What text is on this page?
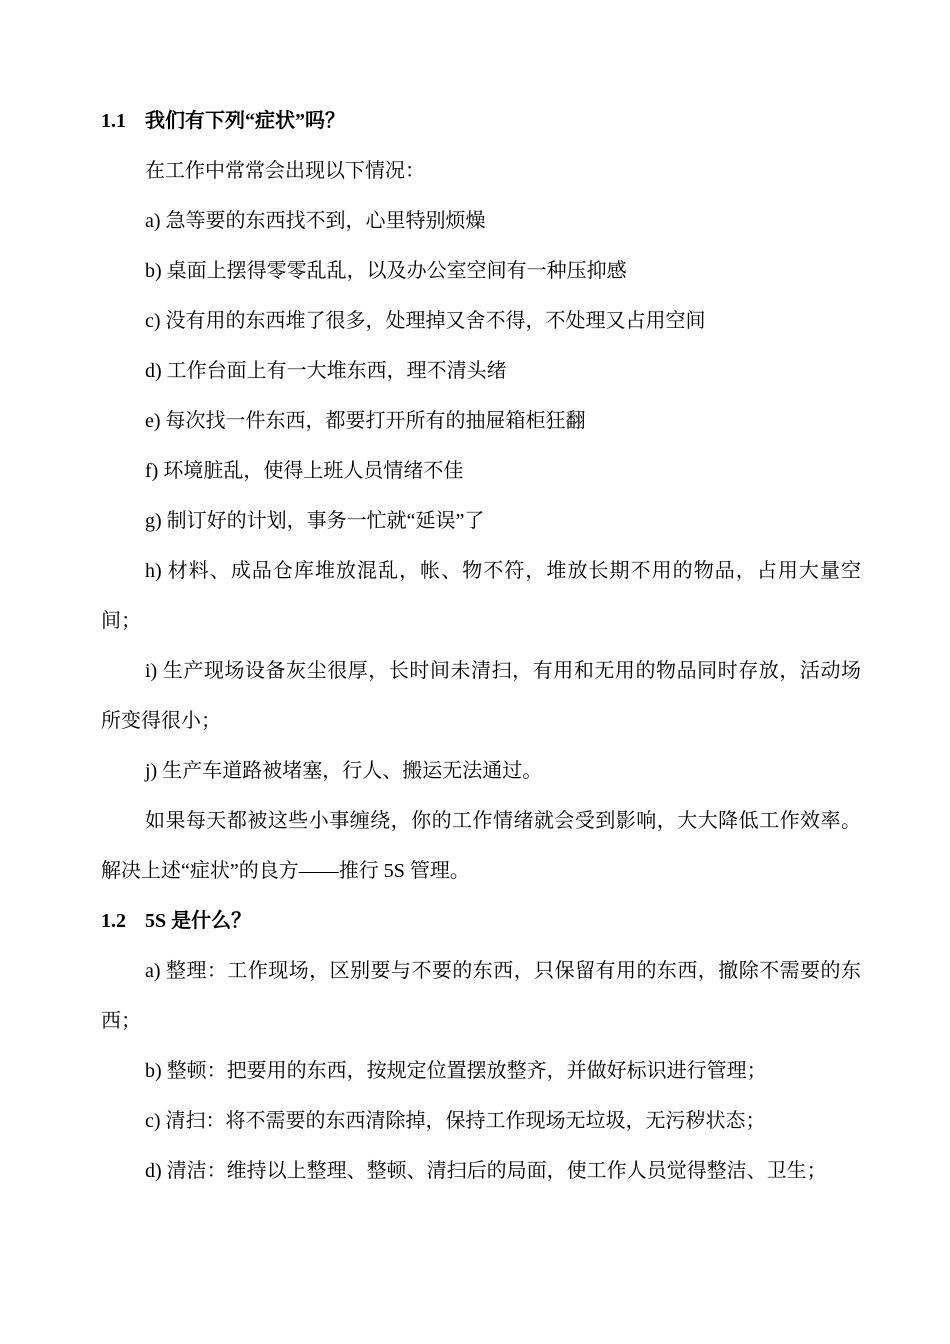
1.1 我们有下列“症状”吗？

在工作中常常会出现以下情况：

a) 急等要的东西找不到，心里特别烦燥

b) 桌面上摆得零零乱乱，以及办公室空间有一种压抑感

c) 没有用的东西堆了很多，处理掉又舍不得，不处理又占用空间

d) 工作台面上有一大堆东西，理不清头绪

e) 每次找一件东西，都要打开所有的抽屉箱柜狂翻

f) 环境脏乱，使得上班人员情绪不佳

g) 制订好的计划，事务一忙就“延误”了

h) 材料、成品仓库堆放混乱，帐、物不符，堆放长期不用的物品，占用大量空间；

i) 生产现场设备灰尘很厚，长时间未清扫，有用和无用的物品同时存放，活动场所变得很小；

j) 生产车道路被堵塞，行人、搬运无法通过。

如果每天都被这些小事缠绕，你的工作情绪就会受到影响，大大降低工作效率。解决上述“症状”的良方——推行 5S 管理。

1.2 5S 是什么？

a) 整理：工作现场，区别要与不要的东西，只保留有用的东西，撤除不需要的东西；

b) 整顿：把要用的东西，按规定位置摆放整齐，并做好标识进行管理；

c) 清扫：将不需要的东西清除掉，保持工作现场无垃圾，无污秽状态；

d) 清洁：维持以上整理、整顿、清扫后的局面，使工作人员觉得整洁、卫生；
